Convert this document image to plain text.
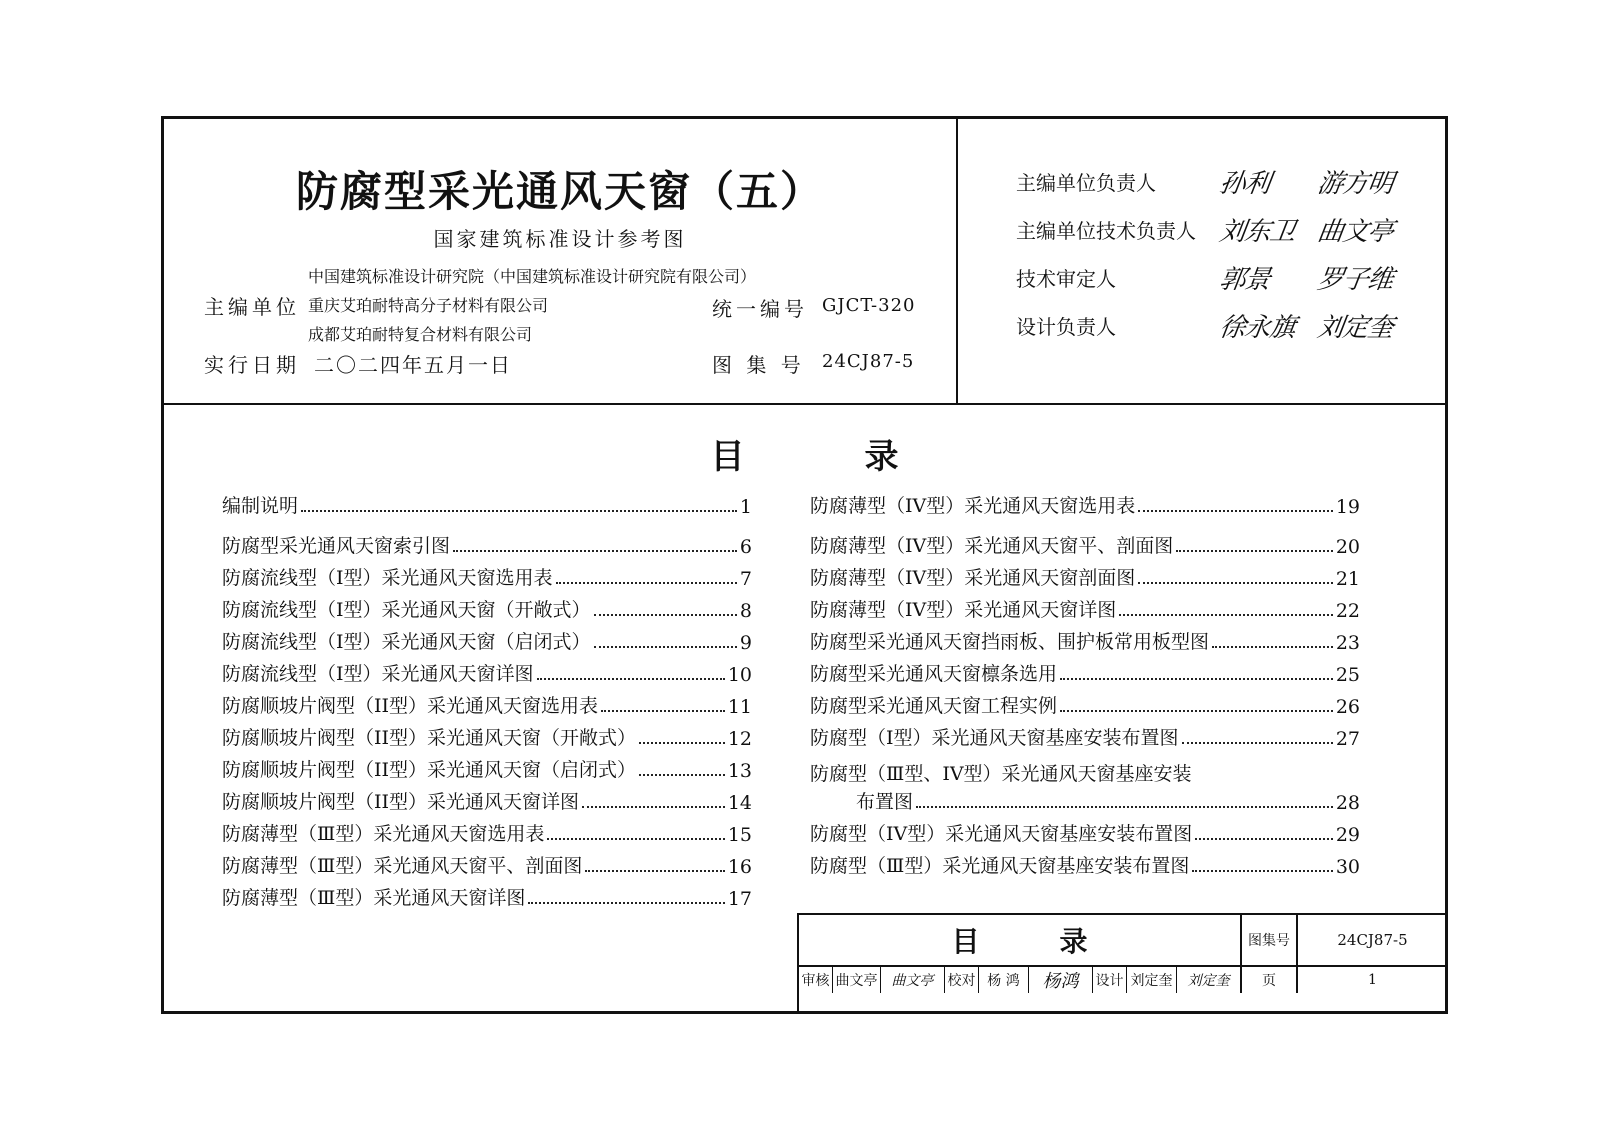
防腐型采光通风天窗（五）
国家建筑标准设计参考图
主编单位
中国建筑标准设计研究院（中国建筑标准设计研究院有限公司）
重庆艾珀耐特高分子材料有限公司
成都艾珀耐特复合材料有限公司
实行日期 二〇二四年五月一日
统一编号 GJCT-320
图 集 号 24CJ87-5
主编单位负责人 孙利 游方明
主编单位技术负责人 刘东卫 曲文亭
技术审定人	郭景 罗子维
设计负责人	徐永旗 刘定奎
目	录
编制说明	1
防腐型采光通风天窗索引图	6
防腐流线型（I型）采光通风天窗选用表	7
防腐流线型（I型）采光通风天窗（开敞式）	8
防腐流线型（I型）采光通风天窗（启闭式）	9
防腐流线型（I型）采光通风天窗详图	10
防腐顺坡片阀型（II型）采光通风天窗选用表	11
防腐顺坡片阀型（II型）采光通风天窗（开敞式）	12
防腐顺坡片阀型（II型）采光通风天窗（启闭式）	13
防腐顺坡片阀型（II型）采光通风天窗详图	14
防腐薄型（Ⅲ型）采光通风天窗选用表	15
防腐薄型（Ⅲ型）采光通风天窗平、剖面图	16
防腐薄型（Ⅲ型）采光通风天窗详图	17
防腐薄型（IV型）采光通风天窗选用表	19
防腐薄型（IV型）采光通风天窗平、剖面图	20
防腐薄型（IV型）采光通风天窗剖面图	21
防腐薄型（IV型）采光通风天窗详图	22
防腐型采光通风天窗挡雨板、围护板常用板型图	23
防腐型采光通风天窗檩条选用	25
防腐型采光通风天窗工程实例	26
防腐型（I型）采光通风天窗基座安装布置图	27
防腐型（Ⅲ型、IV型）采光通风天窗基座安装
布置图	28
防腐型（IV型）采光通风天窗基座安装布置图	29
防腐型（Ⅲ型）采光通风天窗基座安装布置图	30
目	录	图集号	24CJ87-5
审核 曲文亭	曲文亭	校对 杨 鸿	杨鸿	设计 刘定奎	刘定奎	页	1
